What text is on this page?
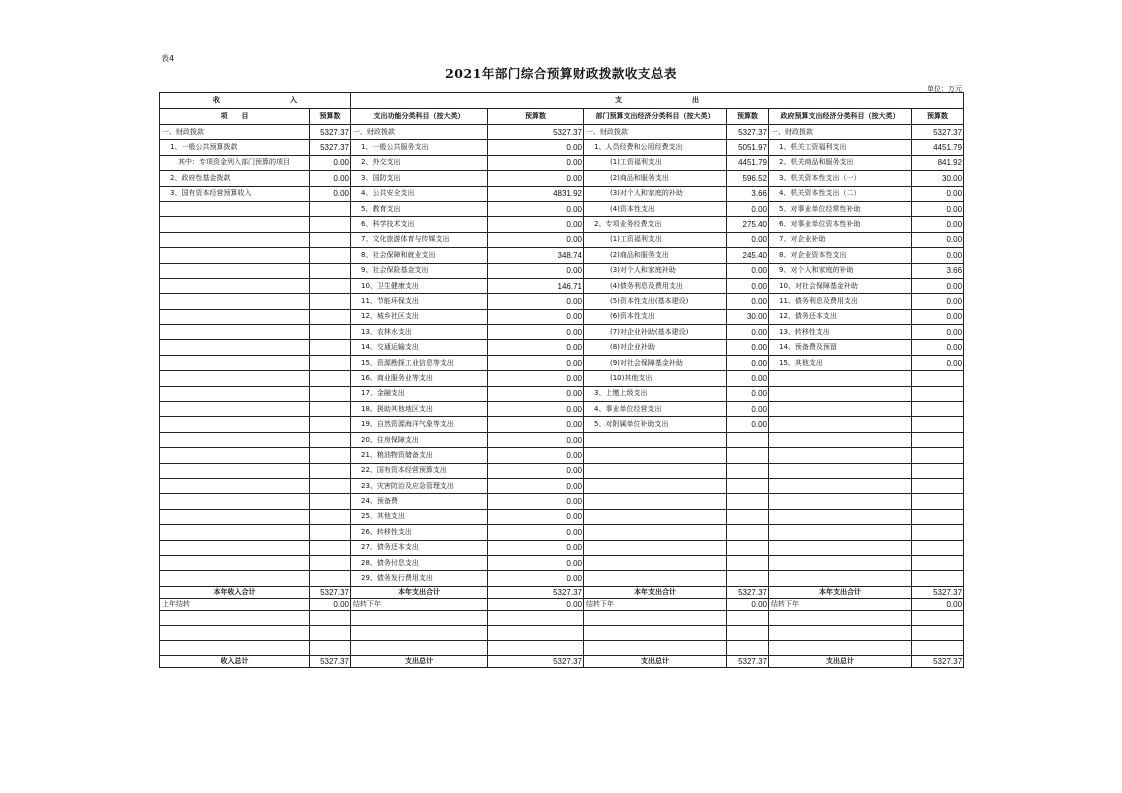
表4
2021年部门综合预算财政拨款收支总表
单位：万元
收 入		支 出					
项　　目	预算数	支出功能分类科目（按大类）	预算数	部门预算支出经济分类科目（按大类）	预算数	政府预算支出经济分类科目（按大类）	预算数
一、财政拨款	5327.37	一、财政拨款	5327.37	一、财政拨款	5327.37	一、财政拨款	5327.37
1、一般公共预算拨款	5327.37	1、一般公共服务支出	0.00	1、人员经费和公用经费支出	5051.97	1、机关工资福利支出	4451.79
其中：专项资金列入部门预算的项目	0.00	2、外交支出	0.00	(1)工资福利支出	4451.79	2、机关商品和服务支出	841.92
2、政府性基金拨款	0.00	3、国防支出	0.00	(2)商品和服务支出	596.52	3、机关资本性支出（一）	30.00
3、国有资本经营预算收入	0.00	4、公共安全支出	4831.92	(3)对个人和家庭的补助	3.66	4、机关资本性支出（二）	0.00
		5、教育支出	0.00	(4)资本性支出	0.00	5、对事业单位经常性补助	0.00
		6、科学技术支出	0.00	2、专项业务经费支出	275.40	6、对事业单位资本性补助	0.00
		7、文化旅游体育与传媒支出	0.00	(1)工资福利支出	0.00	7、对企业补助	0.00
		8、社会保障和就业支出	348.74	(2)商品和服务支出	245.40	8、对企业资本性支出	0.00
		9、社会保险基金支出	0.00	(3)对个人和家庭补助	0.00	9、对个人和家庭的补助	3.66
		10、卫生健康支出	146.71	(4)债务利息及费用支出	0.00	10、对社会保障基金补助	0.00
		11、节能环保支出	0.00	(5)资本性支出(基本建设)	0.00	11、债务利息及费用支出	0.00
		12、城乡社区支出	0.00	(6)资本性支出	30.00	12、债务还本支出	0.00
		13、农林水支出	0.00	(7)对企业补助(基本建设)	0.00	13、转移性支出	0.00
		14、交通运输支出	0.00	(8)对企业补助	0.00	14、预备费及预留	0.00
		15、资源勘探工业信息等支出	0.00	(9)对社会保障基金补助	0.00	15、其他支出	0.00
		16、商业服务业等支出	0.00	(10)其他支出	0.00		
		17、金融支出	0.00	3、上缴上级支出	0.00		
		18、援助其他地区支出	0.00	4、事业单位经营支出	0.00		
		19、自然资源海洋气象等支出	0.00	5、对附属单位补助支出	0.00		
		20、住房保障支出	0.00				
		21、粮油物资储备支出	0.00				
		22、国有资本经营预算支出	0.00				
		23、灾害防治及应急管理支出	0.00				
		24、预备费	0.00				
		25、其他支出	0.00				
		26、转移性支出	0.00				
		27、债务还本支出	0.00				
		28、债务付息支出	0.00				
		29、债务发行费用支出	0.00				
本年收入合计	5327.37	本年支出合计	5327.37	本年支出合计	5327.37	本年支出合计	5327.37
上年结转	0.00	结转下年	0.00	结转下年	0.00	结转下年	0.00

收入总计	5327.37	支出总计	5327.37	支出总计	5327.37	支出总计	5327.37
